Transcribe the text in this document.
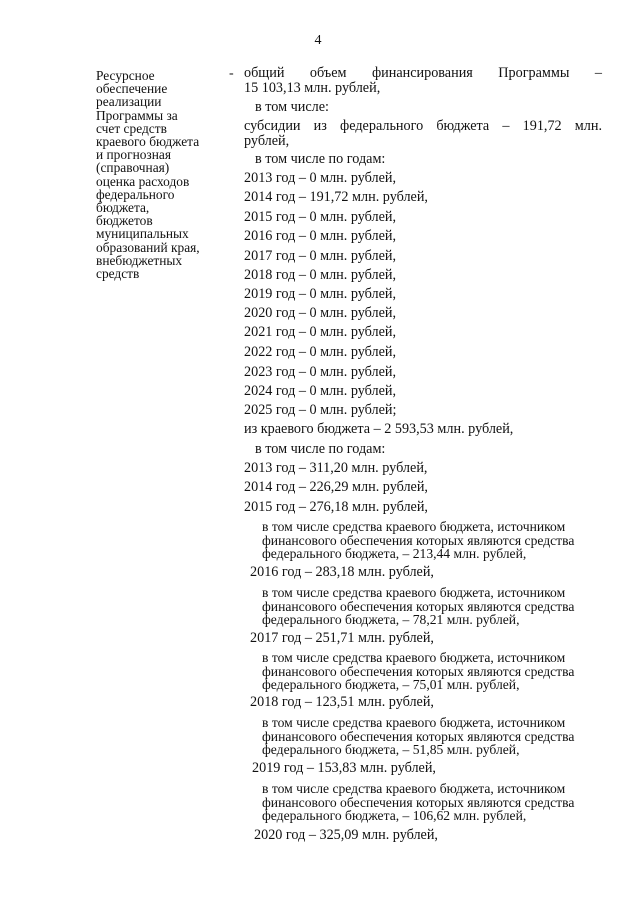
4
Ресурсное
обеспечение
реализации
Программы за
счет средств
краевого бюджета
и прогнозная
(справочная)
оценка расходов
федерального
бюджета,
бюджетов
муниципальных
образований края,
внебюджетных
средств
- общий объем финансирования Программы –
15 103,13 млн. рублей,
в том числе:
субсидии из федерального бюджета – 191,72 млн.
рублей,
в том числе по годам:
2013 год – 0 млн. рублей,
2014 год – 191,72 млн. рублей,
2015 год – 0 млн. рублей,
2016 год – 0 млн. рублей,
2017 год – 0 млн. рублей,
2018 год – 0 млн. рублей,
2019 год – 0 млн. рублей,
2020 год – 0 млн. рублей,
2021 год – 0 млн. рублей,
2022 год – 0 млн. рублей,
2023 год – 0 млн. рублей,
2024 год – 0 млн. рублей,
2025 год – 0 млн. рублей;
из краевого бюджета – 2 593,53 млн. рублей,
в том числе по годам:
2013 год – 311,20 млн. рублей,
2014 год – 226,29 млн. рублей,
2015 год – 276,18 млн. рублей,
в том числе средства краевого бюджета, источником
финансового обеспечения которых являются средства
федерального бюджета, – 213,44 млн. рублей,
2016 год – 283,18 млн. рублей,
в том числе средства краевого бюджета, источником
финансового обеспечения которых являются средства
федерального бюджета, – 78,21 млн. рублей,
2017 год – 251,71 млн. рублей,
в том числе средства краевого бюджета, источником
финансового обеспечения которых являются средства
федерального бюджета, – 75,01 млн. рублей,
2018 год – 123,51 млн. рублей,
в том числе средства краевого бюджета, источником
финансового обеспечения которых являются средства
федерального бюджета, – 51,85 млн. рублей,
2019 год – 153,83 млн. рублей,
в том числе средства краевого бюджета, источником
финансового обеспечения которых являются средства
федерального бюджета, – 106,62 млн. рублей,
2020 год – 325,09 млн. рублей,
